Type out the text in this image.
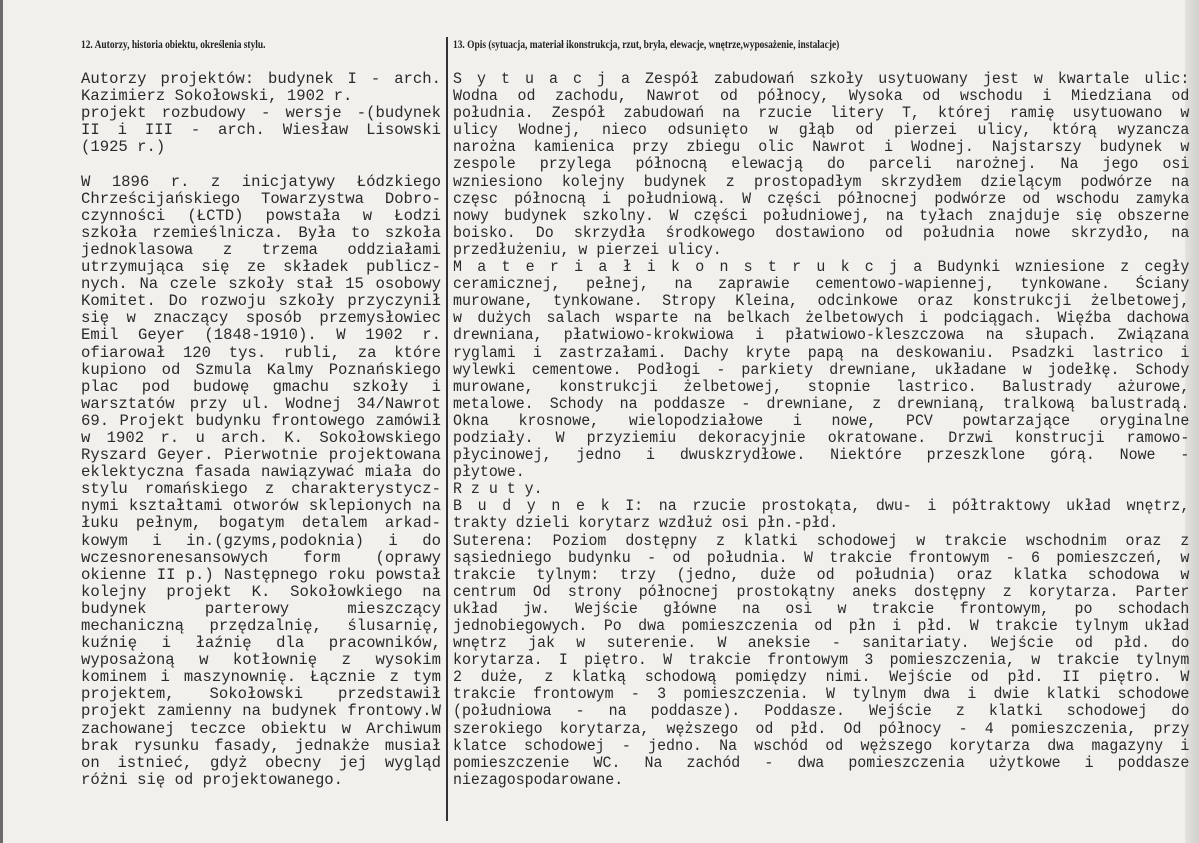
12. Autorzy, historia obiektu, określenia stylu.	13. Opis (sytuacja, materiał ikonstrukcja, rzut, bryła, elewacje, wnętrze,wyposażenie, instalacje)
Autorzy projektów: budynek I - arch.
Kazimierz Sokołowski, 1902 r.
projekt rozbudowy - wersje -(budynek
II i III - arch. Wiesław Lisowski
(1925 r.)
W 1896 r. z inicjatywy Łódzkiego
Chrześcijańskiego Towarzystwa Dobro-
czynności (ŁCTD) powstała w Łodzi
szkoła rzemieślnicza. Była to szkoła
jednoklasowa z trzema oddziałami
utrzymująca się ze składek publicz-
nych. Na czele szkoły stał 15 osobowy
Komitet. Do rozwoju szkoły przyczynił
się w znaczący sposób przemysłowiec
Emil Geyer (1848-1910). W 1902 r.
ofiarował 120 tys. rubli, za które
kupiono od Szmula Kalmy Poznańskiego
plac pod budowę gmachu szkoły i
warsztatów przy ul. Wodnej 34/Nawrot
69. Projekt budynku frontowego zamówił
w 1902 r. u arch. K. Sokołowskiego
Ryszard Geyer. Pierwotnie projektowana
eklektyczna fasada nawiązywać miała do
stylu romańskiego z charakterystycz-
nymi kształtami otworów sklepionych na
łuku pełnym, bogatym detalem arkad-
kowym i in.(gzyms,podoknia) i do
wczesnorenesansowych form (oprawy
okienne II p.) Następnego roku powstał
kolejny projekt K. Sokołowkiego na
budynek parterowy mieszczący
mechaniczną przędzalnię, ślusarnię,
kuźnię i łaźnię dla pracowników,
wyposażoną w kotłownię z wysokim
kominem i maszynownię. Łącznie z tym
projektem, Sokołowski przedstawił
projekt zamienny na budynek frontowy.W
zachowanej teczce obiektu w Archiwum
brak rysunku fasady, jednakże musiał
on istnieć, gdyż obecny jej wygląd
różni się od projektowanego.
S y t u a c j a Zespół zabudowań szkoły usytuowany jest w kwartale ulic:
Wodna od zachodu, Nawrot od północy, Wysoka od wschodu i Miedziana od
południa. Zespół zabudowań na rzucie litery T, której ramię usytuowano w
ulicy Wodnej, nieco odsunięto w głąb od pierzei ulicy, którą wyzancza
narożna kamienica przy zbiegu olic Nawrot i Wodnej. Najstarszy budynek w
zespole przylega północną elewacją do parceli narożnej. Na jego osi
wzniesiono kolejny budynek z prostopadłym skrzydłem dzielącym podwórze na
częsc północną i południową. W części północnej podwórze od wschodu zamyka
nowy budynek szkolny. W części południowej, na tyłach znajduje się obszerne
boisko. Do skrzydła środkowego dostawiono od południa nowe skrzydło, na
przedłużeniu, w pierzei ulicy.
M a t e r i a ł i k o n s t r u k c j a Budynki wzniesione z cegły
ceramicznej, pełnej, na zaprawie cementowo-wapiennej, tynkowane. Ściany
murowane, tynkowane. Stropy Kleina, odcinkowe oraz konstrukcji żelbetowej,
w dużych salach wsparte na belkach żelbetowych i podciągach. Więźba dachowa
drewniana, płatwiowo-krokwiowa i płatwiowo-kleszczowa na słupach. Związana
ryglami i zastrzałami. Dachy kryte papą na deskowaniu. Psadzki lastrico i
wylewki cementowe. Podłogi - parkiety drewniane, układane w jodełkę. Schody
murowane, konstrukcji żelbetowej, stopnie lastrico. Balustrady ażurowe,
metalowe. Schody na poddasze - drewniane, z drewnianą, tralkową balustradą.
Okna krosnowe, wielopodziałowe i nowe, PCV powtarzające oryginalne
podziały. W przyziemiu dekoracyjnie okratowane. Drzwi konstrucji ramowo-
płycinowej, jedno i dwuskzrydłowe. Niektóre przeszklone górą. Nowe -
płytowe.
R z u t y.
B u d y n e k I: na rzucie prostokąta, dwu- i półtraktowy układ wnętrz,
trakty dzieli korytarz wzdłuż osi płn.-płd.
Suterena: Poziom dostępny z klatki schodowej w trakcie wschodnim oraz z
sąsiedniego budynku - od południa. W trakcie frontowym - 6 pomieszczeń, w
trakcie tylnym: trzy (jedno, duże od południa) oraz klatka schodowa w
centrum Od strony północnej prostokątny aneks dostępny z korytarza. Parter
układ jw. Wejście główne na osi w trakcie frontowym, po schodach
jednobiegowych. Po dwa pomieszczenia od płn i płd. W trakcie tylnym układ
wnętrz jak w suterenie. W aneksie - sanitariaty. Wejście od płd. do
korytarza. I piętro. W trakcie frontowym 3 pomieszczenia, w trakcie tylnym
2 duże, z klatką schodową pomiędzy nimi. Wejście od płd. II piętro. W
trakcie frontowym - 3 pomieszczenia. W tylnym dwa i dwie klatki schodowe
(południowa - na poddasze). Poddasze. Wejście z klatki schodowej do
szerokiego korytarza, węższego od płd. Od północy - 4 pomieszczenia, przy
klatce schodowej - jedno. Na wschód od węższego korytarza dwa magazyny i
pomieszczenie WC. Na zachód - dwa pomieszczenia użytkowe i poddasze
niezagospodarowane.
